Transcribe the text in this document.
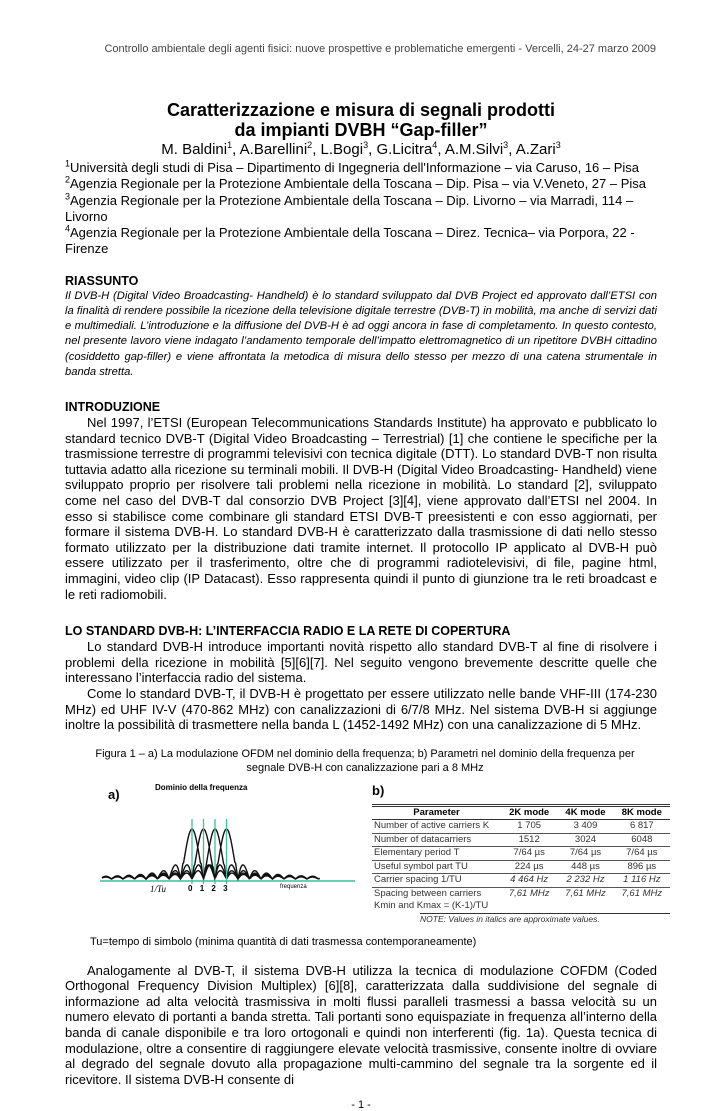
Controllo ambientale degli agenti fisici: nuove prospettive e problematiche emergenti - Vercelli, 24-27 marzo 2009
Caratterizzazione e misura di segnali prodotti
da impianti DVBH “Gap-filler”
M. Baldini$^1$, A.Barellini$^2$, L.Bogi$^3$, G.Licitra$^4$, A.M.Silvi$^3$, A.Zari$^3$
$^1$Università degli studi di Pisa – Dipartimento di Ingegneria dell'Informazione – via Caruso, 16 – Pisa
$^2$Agenzia Regionale per la Protezione Ambientale della Toscana – Dip. Pisa – via V.Veneto, 27 – Pisa
$^3$Agenzia Regionale per la Protezione Ambientale della Toscana – Dip. Livorno – via Marradi, 114 –Livorno
$^4$Agenzia Regionale per la Protezione Ambientale della Toscana – Direz. Tecnica– via Porpora, 22 - Firenze
RIASSUNTO
Il DVB-H (Digital Video Broadcasting- Handheld) è lo standard sviluppato dal DVB Project ed approvato dall’ETSI con la finalità di rendere possibile la ricezione della televisione digitale terrestre (DVB-T) in mobilità, ma anche di servizi dati e multimediali. L’introduzione e la diffusione del DVB-H è ad oggi ancora in fase di completamento. In questo contesto, nel presente lavoro viene indagato l’andamento temporale dell’impatto elettromagnetico di un ripetitore DVBH cittadino (cosiddetto gap-filler) e viene affrontata la metodica di misura dello stesso per mezzo di una catena strumentale in banda stretta.
INTRODUZIONE

Nel 1997, l’ETSI (European Telecommunications Standards Institute) ha approvato e pubblicato lo standard tecnico DVB-T (Digital Video Broadcasting – Terrestrial) [1] che contiene le specifiche per la trasmissione terrestre di programmi televisivi con tecnica digitale (DTT). Lo standard DVB-T non risulta tuttavia adatto alla ricezione su terminali mobili. Il DVB-H (Digital Video Broadcasting- Handheld) viene sviluppato proprio per risolvere tali problemi nella ricezione in mobilità. Lo standard [2], sviluppato come nel caso del DVB-T dal consorzio DVB Project [3][4], viene approvato dall’ETSI nel 2004. In esso si stabilisce come combinare gli standard ETSI DVB-T preesistenti e con esso aggiornati, per formare il sistema DVB-H. Lo standard DVB-H è caratterizzato dalla trasmissione di dati nello stesso formato utilizzato per la distribuzione dati tramite internet. Il protocollo IP applicato al DVB-H può essere utilizzato per il trasferimento, oltre che di programmi radiotelevisivi, di file, pagine html, immagini, video clip (IP Datacast). Esso rappresenta quindi il punto di giunzione tra le reti broadcast e le reti radiomobili.

LO STANDARD DVB-H: L’INTERFACCIA RADIO E LA RETE DI COPERTURA

Lo standard DVB-H introduce importanti novità rispetto allo standard DVB-T al fine di risolvere i problemi della ricezione in mobilità [5][6][7]. Nel seguito vengono brevemente descritte quelle che interessano l’interfaccia radio del sistema.

Come lo standard DVB-T, il DVB-H è progettato per essere utilizzato nelle bande VHF-III (174-230 MHz) ed UHF IV-V (470-862 MHz) con canalizzazioni di 6/7/8 MHz. Nel sistema DVB-H si aggiunge inoltre la possibilità di trasmettere nella banda L (1452-1492 MHz) con una canalizzazione di 5 MHz.

Figura 1 – a) La modulazione OFDM nel dominio della frequenza; b) Parametri nel dominio della frequenza per segnale DVB-H con canalizzazione pari a 8 MHz
a)	Dominio della frequenza
1/Tu	0 1 2 3	frequenza
b)
Parameter	2K mode	4K mode	8K mode
Number of active carriers K	1 705	3 409	6 817
Number of datacarriers	1512	3024	6048
Elementary period T	7/64 µs	7/64 µs	7/64 µs
Useful symbol part TU	224 µs	448 µs	896 µs
Carrier spacing 1/TU	4 464 Hz	2 232 Hz	1 116 Hz
Spacing between carriers Kmin and Kmax = (K-1)/TU	7,61 MHz	7,61 MHz	7,61 MHz
NOTE: Values in italics are approximate values.
Tu=tempo di simbolo (minima quantità di dati trasmessa contemporaneamente)

Analogamente al DVB-T, il sistema DVB-H utilizza la tecnica di modulazione COFDM (Coded Orthogonal Frequency Division Multiplex) [6][8], caratterizzata dalla suddivisione del segnale di informazione ad alta velocità trasmissiva in molti flussi paralleli trasmessi a bassa velocità su un numero elevato di portanti a banda stretta. Tali portanti sono equispaziate in frequenza all’interno della banda di canale disponibile e tra loro ortogonali e quindi non interferenti (fig. 1a). Questa tecnica di modulazione, oltre a consentire di raggiungere elevate velocità trasmissive, consente inoltre di ovviare al degrado del segnale dovuto alla propagazione multi-cammino del segnale tra la sorgente ed il ricevitore. Il sistema DVB-H consente di

- 1 -
